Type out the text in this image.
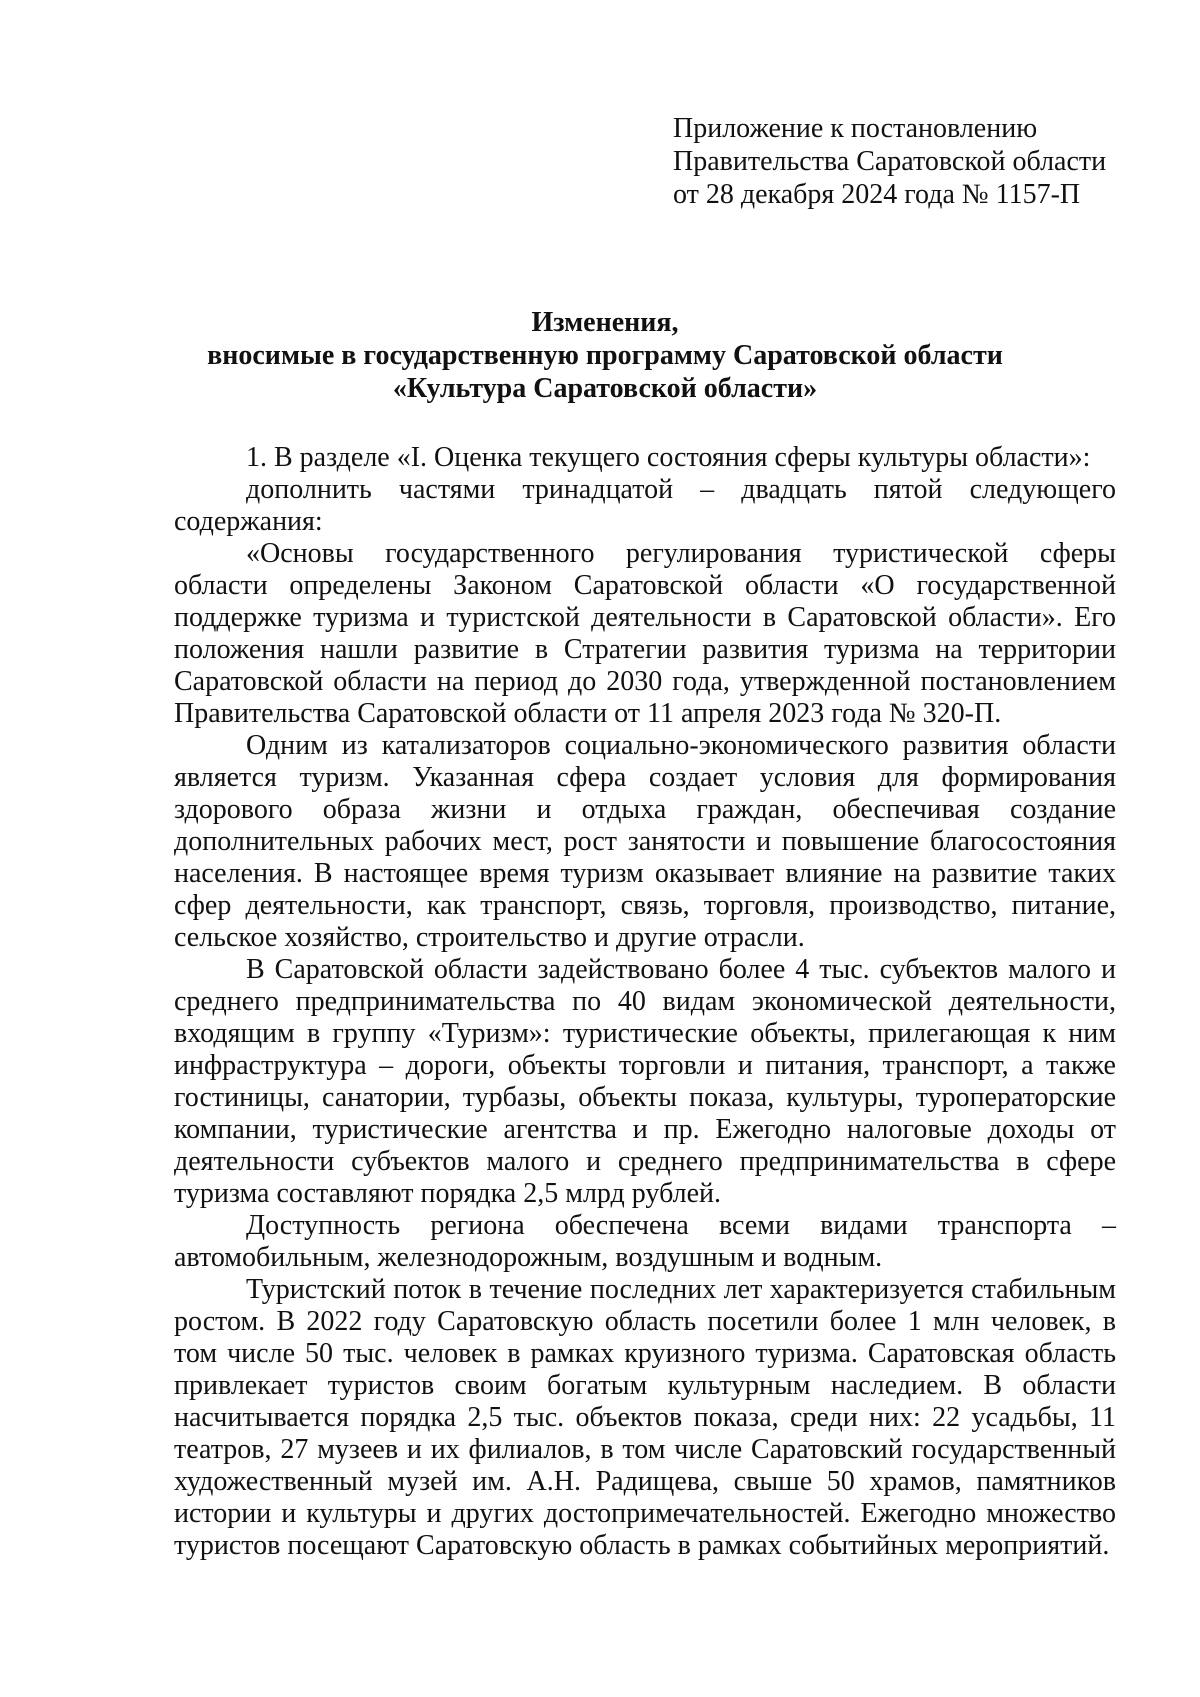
Приложение к постановлению
Правительства Саратовской области
от 28 декабря 2024 года № 1157-П
Изменения,
вносимые в государственную программу Саратовской области
«Культура Саратовской области»

1. В разделе «I. Оценка текущего состояния сферы культуры области»:

дополнить частями тринадцатой – двадцать пятой следующего содержания:

«Основы государственного регулирования туристической сферы области определены Законом Саратовской области «О государственной поддержке туризма и туристской деятельности в Саратовской области». Его положения нашли развитие в Стратегии развития туризма на территории Саратовской области на период до 2030 года, утвержденной постановлением Правительства Саратовской области от 11 апреля 2023 года № 320-П.

Одним из катализаторов социально-экономического развития области является туризм. Указанная сфера создает условия для формирования здорового образа жизни и отдыха граждан, обеспечивая создание дополнительных рабочих мест, рост занятости и повышение благосостояния населения. В настоящее время туризм оказывает влияние на развитие таких сфер деятельности, как транспорт, связь, торговля, производство, питание, сельское хозяйство, строительство и другие отрасли.

В Саратовской области задействовано более 4 тыс. субъектов малого и среднего предпринимательства по 40 видам экономической деятельности, входящим в группу «Туризм»: туристические объекты, прилегающая к ним инфраструктура – дороги, объекты торговли и питания, транспорт, а также гостиницы, санатории, турбазы, объекты показа, культуры, туроператорские компании, туристические агентства и пр. Ежегодно налоговые доходы от деятельности субъектов малого и среднего предпринимательства в сфере туризма составляют порядка 2,5 млрд рублей.

Доступность региона обеспечена всеми видами транспорта – автомобильным, железнодорожным, воздушным и водным.

Туристский поток в течение последних лет характеризуется стабильным ростом. В 2022 году Саратовскую область посетили более 1 млн человек, в том числе 50 тыс. человек в рамках круизного туризма. Саратовская область привлекает туристов своим богатым культурным наследием. В области насчитывается порядка 2,5 тыс. объектов показа, среди них: 22 усадьбы, 11 театров, 27 музеев и их филиалов, в том числе Саратовский государственный художественный музей им. А.Н. Радищева, свыше 50 храмов, памятников истории и культуры и других достопримечательностей. Ежегодно множество туристов посещают Саратовскую область в рамках событийных мероприятий.
